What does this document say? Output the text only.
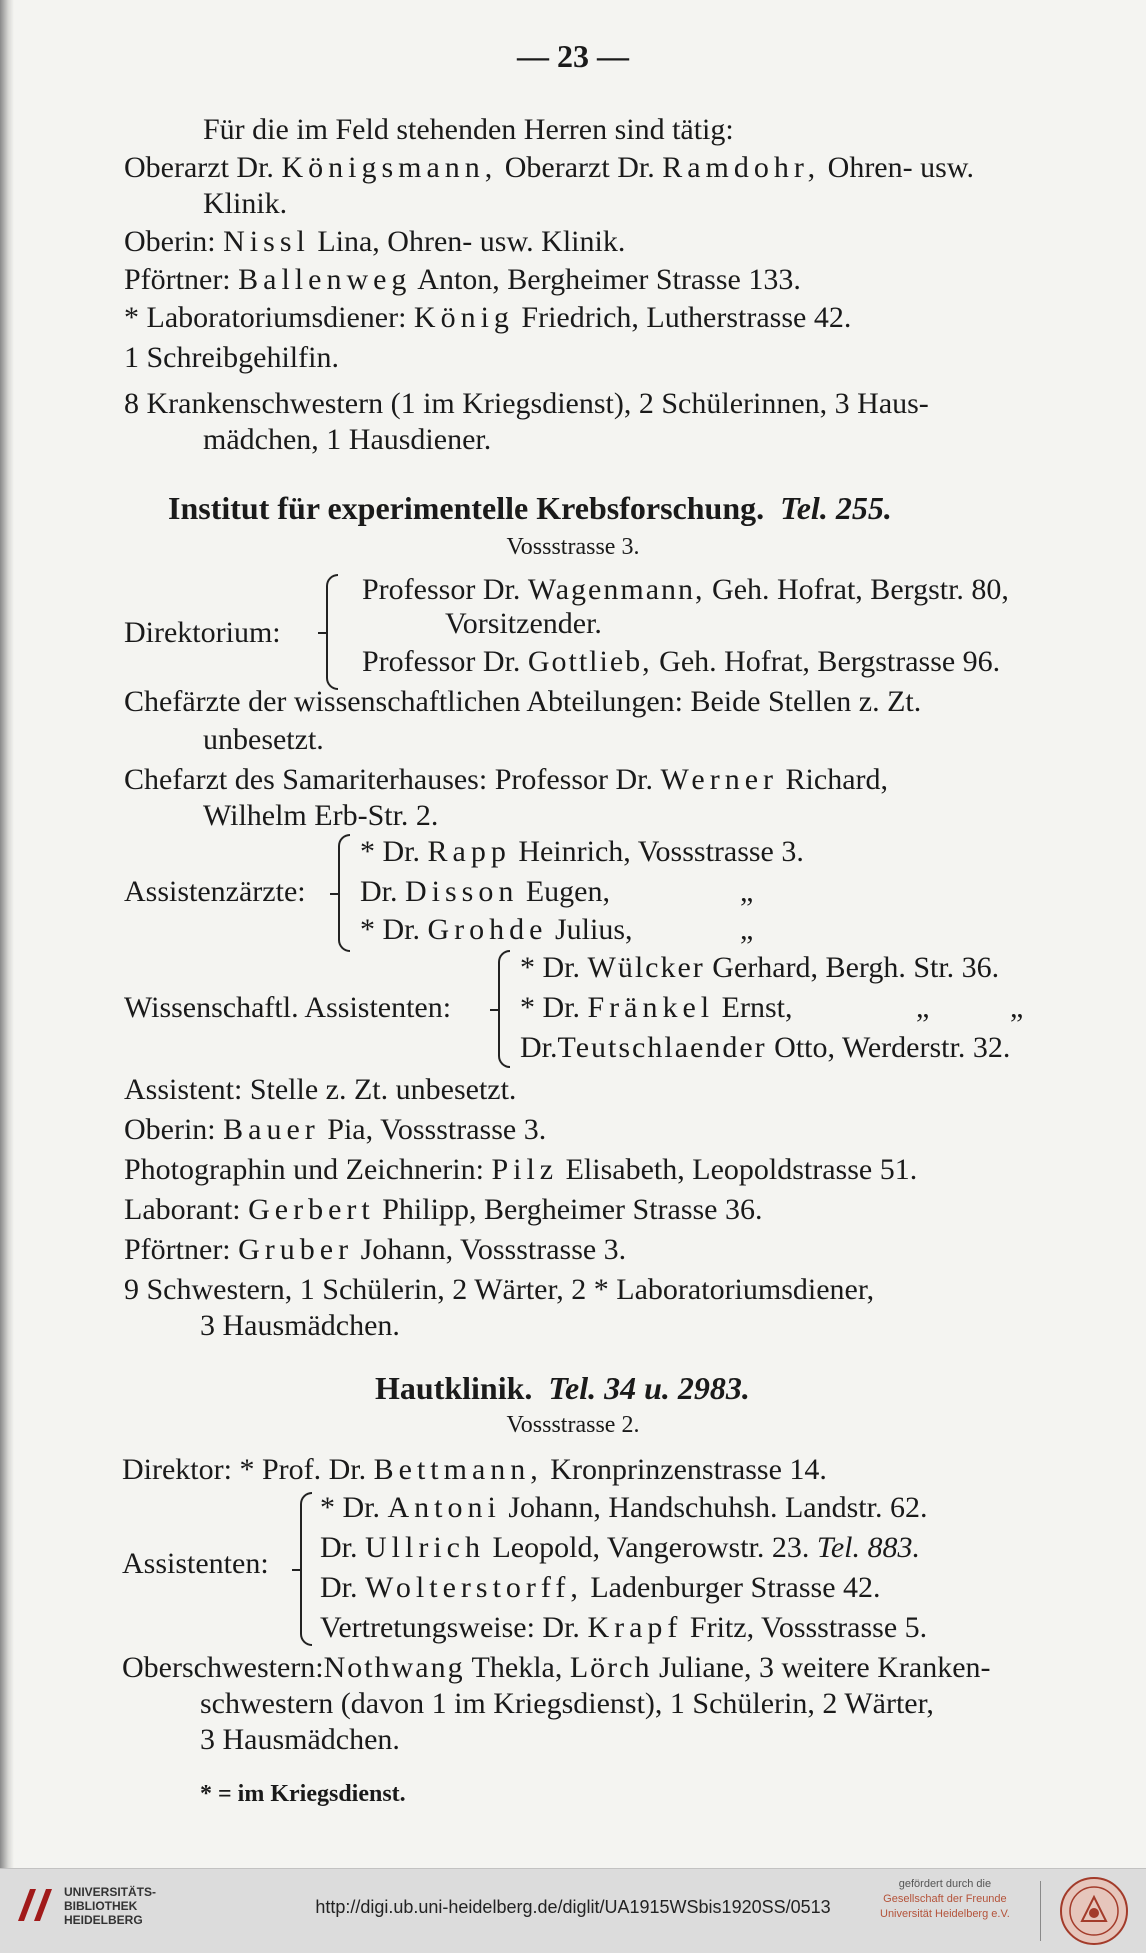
— 23 —
Für die im Feld stehenden Herren sind tätig:
Oberarzt Dr. Königsmann, Oberarzt Dr. Ramdohr, Ohren- usw.
Klinik.
Oberin: Nissl Lina, Ohren- usw. Klinik.
Pförtner: Ballenweg Anton, Bergheimer Strasse 133.
* Laboratoriumsdiener: König Friedrich, Lutherstrasse 42.
1 Schreibgehilfin.
8 Krankenschwestern (1 im Kriegsdienst), 2 Schülerinnen, 3 Haus-
mädchen, 1 Hausdiener.
Institut für experimentelle Krebsforschung. Tel. 255.
Vossstrasse 3.
Direktorium:
Professor Dr. Wagenmann, Geh. Hofrat, Bergstr. 80,
Vorsitzender.
Professor Dr. Gottlieb, Geh. Hofrat, Bergstrasse 96.
Chefärzte der wissenschaftlichen Abteilungen: Beide Stellen z. Zt.
unbesetzt.
Chefarzt des Samariterhauses: Professor Dr. Werner Richard,
Wilhelm Erb-Str. 2.
Assistenzärzte:
* Dr. Rapp Heinrich, Vossstrasse 3.
Dr. Disson Eugen,	„
* Dr. Grohde Julius,	„
Wissenschaftl. Assistenten:
* Dr. Wülcker Gerhard, Bergh. Str. 36.
* Dr. Fränkel Ernst,	„	„
Dr.Teutschlaender Otto, Werderstr. 32.
Assistent: Stelle z. Zt. unbesetzt.
Oberin: Bauer Pia, Vossstrasse 3.
Photographin und Zeichnerin: Pilz Elisabeth, Leopoldstrasse 51.
Laborant: Gerbert Philipp, Bergheimer Strasse 36.
Pförtner: Gruber Johann, Vossstrasse 3.
9 Schwestern, 1 Schülerin, 2 Wärter, 2 * Laboratoriumsdiener,
3 Hausmädchen.
Hautklinik. Tel. 34 u. 2983.
Vossstrasse 2.
Direktor: * Prof. Dr. Bettmann, Kronprinzenstrasse 14.
Assistenten:
* Dr. Antoni Johann, Handschuhsh. Landstr. 62.
Dr. Ullrich Leopold, Vangerowstr. 23. Tel. 883.
Dr. Wolterstorff, Ladenburger Strasse 42.
Vertretungsweise: Dr. Krapf Fritz, Vossstrasse 5.
Oberschwestern:Nothwang Thekla, Lörch Juliane, 3 weitere Kranken-
schwestern (davon 1 im Kriegsdienst), 1 Schülerin, 2 Wärter,
3 Hausmädchen.
* = im Kriegsdienst.
UNIVERSITÄTS-
BIBLIOTHEK
HEIDELBERG
http://digi.ub.uni-heidelberg.de/diglit/UA1915WSbis1920SS/0513
gefördert durch die
Gesellschaft der Freunde
Universität Heidelberg e.V.
